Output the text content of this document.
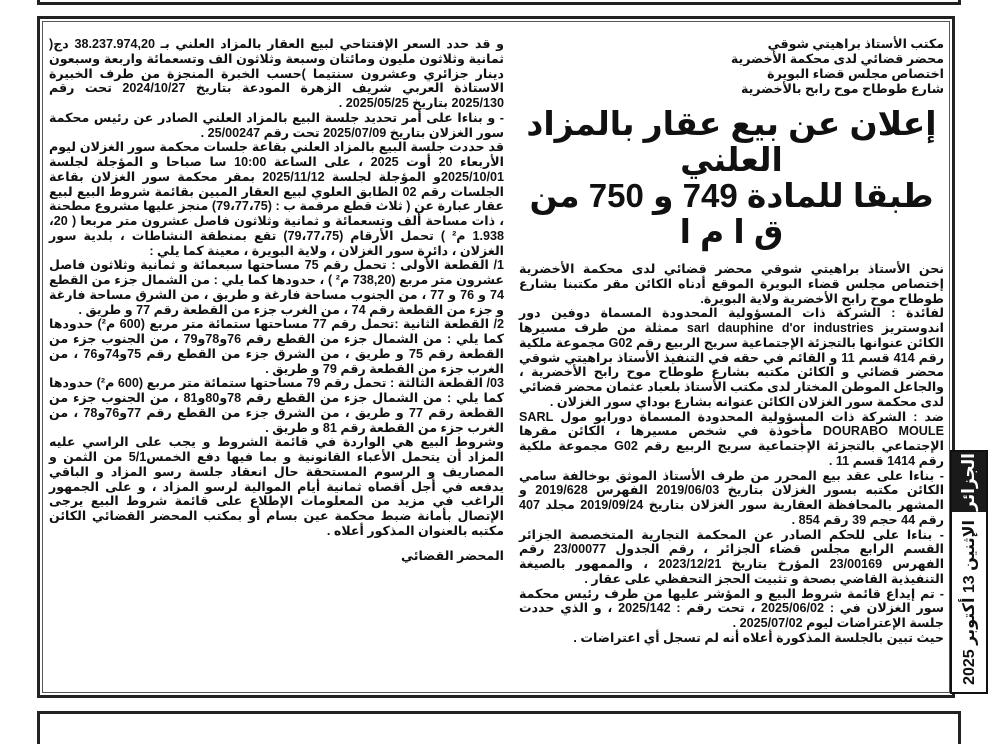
مكتب الأستاذ براهيتي شوقي
محضر قضائي لدى محكمة الأخضرية
اختصاص مجلس قضاء البويرة
شارع طوطاح موح رابح بالأخضرية
إعلان عن بيع عقار بالمزاد العلني
طبقا للمادة 749 و 750 من ق ا م ا

نحن الأستاذ براهيتي شوقي محضر قضائي لدى محكمة الأخضرية إختصاص مجلس قضاء البويرة الموقع أدناه الكائن مقر مكتبنا بشارع طوطاح موح رابح الأخضرية ولاية البويرة.

لفائدة : الشركة ذات المسؤولية المحدودة المسماة دوفين دور اندوستريز sarl dauphine d'or industries ممثلة من طرف مسيرها الكائن عنوانها بالتجزئة الإجتماعية سريج الربيع رقم G02 مجموعة ملكية رقم 414 قسم 11 و القائم في حقه في التنفيذ الأستاذ براهيتي شوقي محضر قضائي و الكائن مكتبه بشارع طوطاح موح رابح الأخضرية ، والجاعل الموطن المختار لدى مكتب الأستاذ بلعباد عثمان محضر قضائي لدى محكمة سور الغزلان الكائن عنوانه بشارع بوداي سور الغزلان .

ضد : الشركة ذات المسؤولية المحدودة المسماة دورابو مول SARL DOURABO MOULE مأخوذة في شخص مسيرها ، الكائن مقرها الإجتماعي بالتجزئة الإجتماعية سريج الربيع رقم G02 مجموعة ملكية رقم 1414 قسم 11 .

- بناءا على عقد بيع المحرر من طرف الأستاذ الموثق بوخالفة سامي الكائن مكتبه بسور الغزلان بتاريخ 2019/06/03 الفهرس 2019/628 و المشهر بالمحافظة العقارية سور الغزلان بتاريخ 2019/09/24 مجلد 407 رقم 44 حجم 39 رقم 854 .

- بناءا على للحكم الصادر عن المحكمة التجارية المتخصصة الجزائر القسم الرابع مجلس قضاء الجزائر ، رقم الجدول 23/00077 رقم الفهرس 23/00169 المؤرخ بتاريخ 2023/12/21 ، والممهور بالصيغة التنفيذية القاضي بصحة و تثبيت الحجز التحفظي على عقار .

- تم إيداع قائمة شروط البيع و المؤشر عليها من طرف رئيس محكمة سور الغزلان في : 2025/06/02 ، تحت رقم : 2025/142 ، و الذي حددت جلسة الإعتراضات ليوم 2025/07/02 .

حيث تبين بالجلسة المذكورة أعلاه أنه لم تسجل أي اعتراضات .

و قد حدد السعر الإفتتاحي لبيع العقار بالمزاد العلني بـ 38.237.974,20 دج( ثمانية وثلاثون مليون ومائتان وسبعة وثلاثون الف وتسعمائة واربعة وسبعون دينار جزائري وعشرون سنتيما )حسب الخبرة المنجزة من طرف الخبيرة الاستاذة العربي شريف الزهرة المودعة بتاريخ 2024/10/27 تحت رقم 2025/130 بتاريخ 2025/05/25 .

- و بناءا على أمر تحديد جلسة البيع بالمزاد العلني الصادر عن رئيس محكمة سور الغزلان بتاريخ 2025/07/09 تحت رقم 25/00247 .

قد حددت جلسة البيع بالمزاد العلني بقاعة جلسات محكمة سور الغزلان ليوم الأربعاء 20 أوت 2025 ، على الساعة 10:00 سا صباحا و المؤجلة لجلسة 2025/10/01و المؤجلة لجلسة 2025/11/12 بمقر محكمة سور الغزلان بقاعة الجلسات رقم 02 الطابق العلوي لبيع العقار المبين بقائمة شروط البيع لبيع عقار عبارة عن ( ثلاث قطع مرقمة ب : (79،77،75) منجز عليها مشروع مطحنة ، ذات مساحة ألف وتسعمائة و ثمانية وثلاثون فاصل عشرون متر مربعا ( 20، 1.938 م² ) تحمل الأرقام (79،77،75) تقع بمنطقة النشاطات ، بلدية سور الغزلان ، دائرة سور الغزلان ، ولاية البويرة ، معينة كما يلي :

1/ القطعة الأولى : تحمل رقم 75 مساحتها سبعمائة و ثمانية وثلاثون فاصل عشرون متر مربع (738,20 م² ) ، حدودها كما يلي : من الشمال جزء من القطع 74 و 76 و 77 ، من الجنوب مساحة فارغة و طريق ، من الشرق مساحة فارغة و جزء من القطعة رقم 74 ، من الغرب جزء من القطعة رقم 77 و طريق .

2/ القطعة الثانية :تحمل رقم 77 مساحتها ستمائة متر مربع (600 م²) حدودها كما يلي : من الشمال جزء من القطع رقم 76و78و79 ، من الجنوب جزء من القطعة رقم 75 و طريق ، من الشرق جزء من القطع رقم 75و74و76 ، من الغرب جزء من القطعة رقم 79 و طريق .

03/ القطعة الثالثة : تحمل رقم 79 مساحتها ستمائة متر مربع (600 م²) حدودها كما يلي : من الشمال جزء من القطع رقم 78و80و81 ، من الجنوب جزء من القطعة رقم 77 و طريق ، من الشرق جزء من القطع رقم 77و76و78 ، من الغرب جزء من القطعة رقم 81 و طريق .

وشروط البيع هي الواردة في قائمة الشروط و يجب على الراسي عليه المزاد أن يتحمل الأعباء القانونية و بما فيها دفع الخمس5/1 من الثمن و المصاريف و الرسوم المستحقة حال انعقاد جلسة رسو المزاد و الباقي يدفعه في أجل أقصاه ثمانية أيام الموالية لرسو المزاد ، و على الجمهور الراغب في مزيد من المعلومات الإطلاع على قائمة شروط البيع يرجى الإتصال بأمانة ضبط محكمة عين بسام أو بمكتب المحضر القضائي الكائن مكتبه بالعنوان المذكور أعلاه .

المحضر القضائي

الجزائر
الإثنين 13 أكتوبر 2025
